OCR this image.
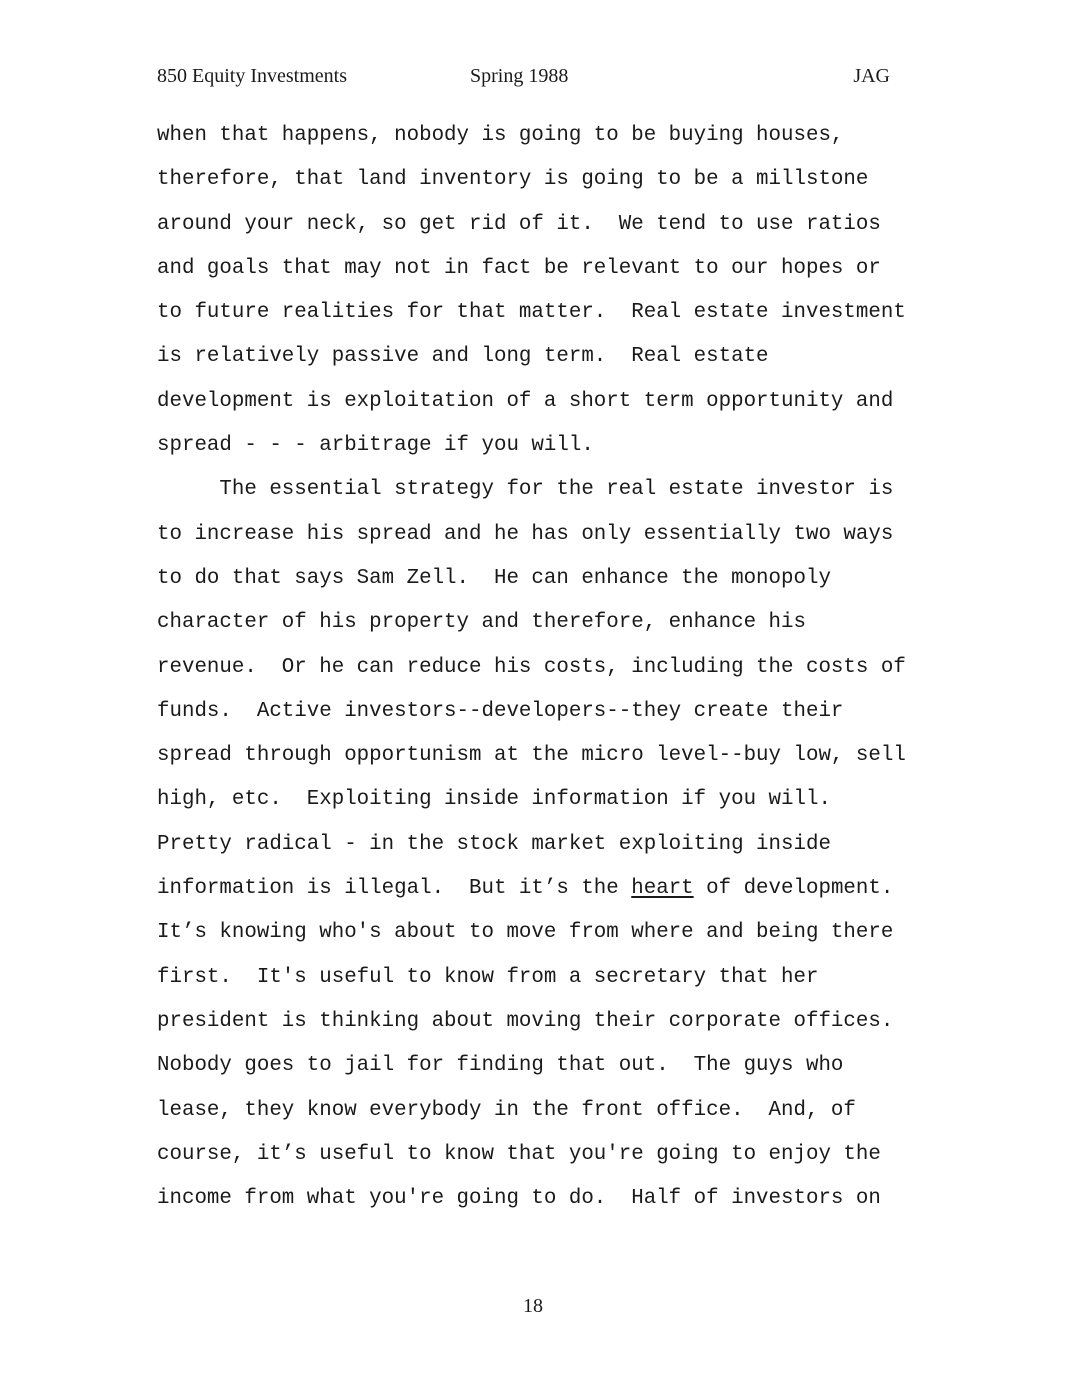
850 Equity Investments	Spring 1988	JAG
when that happens, nobody is going to be buying houses,
therefore, that land inventory is going to be a millstone
around your neck, so get rid of it.  We tend to use ratios
and goals that may not in fact be relevant to our hopes or
to future realities for that matter.  Real estate investment
is relatively passive and long term.  Real estate
development is exploitation of a short term opportunity and
spread - - - arbitrage if you will.
The essential strategy for the real estate investor is
to increase his spread and he has only essentially two ways
to do that says Sam Zell.  He can enhance the monopoly
character of his property and therefore, enhance his
revenue.  Or he can reduce his costs, including the costs of
funds.  Active investors--developers--they create their
spread through opportunism at the micro level--buy low, sell
high, etc.  Exploiting inside information if you will.
Pretty radical - in the stock market exploiting inside
information is illegal.  But it’s the heart of development.
It’s knowing who's about to move from where and being there
first.  It's useful to know from a secretary that her
president is thinking about moving their corporate offices.
Nobody goes to jail for finding that out.  The guys who
lease, they know everybody in the front office.  And, of
course, it’s useful to know that you're going to enjoy the
income from what you're going to do.  Half of investors on
18
